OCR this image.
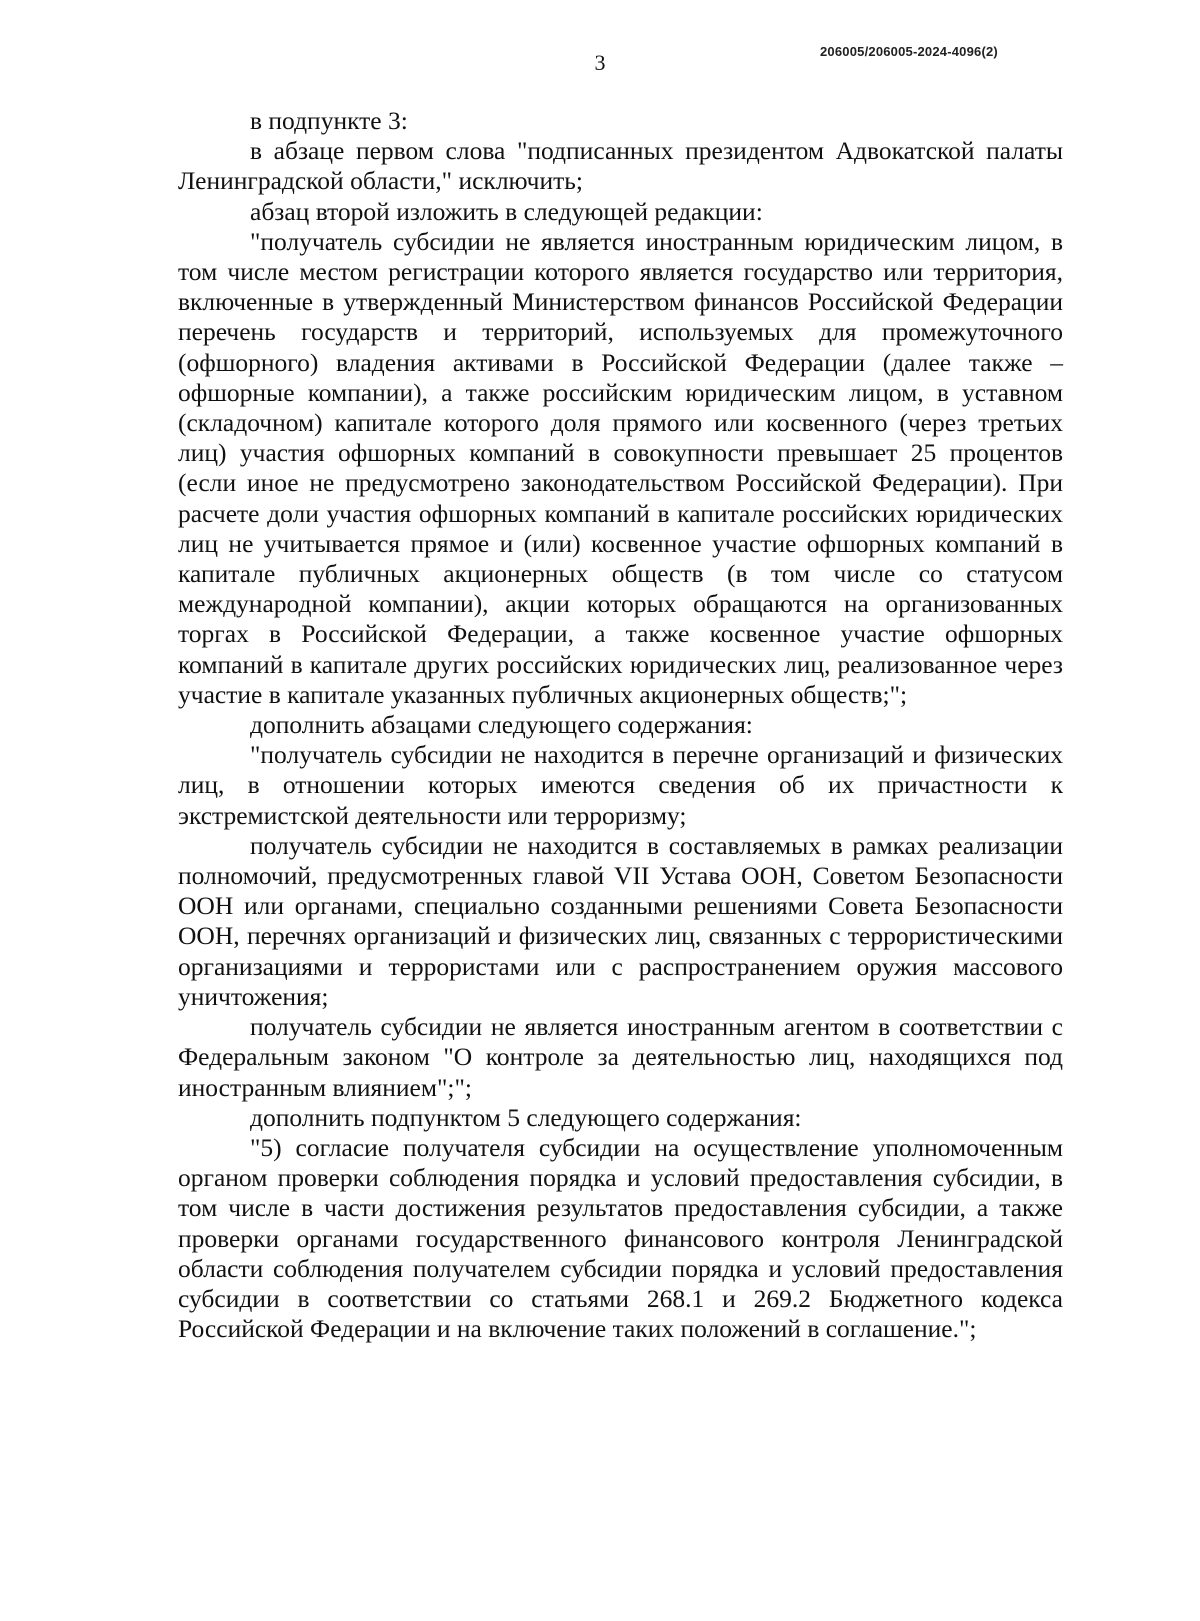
3	206005/206005-2024-4096(2)

в подпункте 3:

в абзаце первом слова "подписанных президентом Адвокатской палаты Ленинградской области," исключить;

абзац второй изложить в следующей редакции:

"получатель субсидии не является иностранным юридическим лицом, в том числе местом регистрации которого является государство или территория, включенные в утвержденный Министерством финансов Российской Федерации перечень государств и территорий, используемых для промежуточного (офшорного) владения активами в Российской Федерации (далее также – офшорные компании), а также российским юридическим лицом, в уставном (складочном) капитале которого доля прямого или косвенного (через третьих лиц) участия офшорных компаний в совокупности превышает 25 процентов (если иное не предусмотрено законодательством Российской Федерации). При расчете доли участия офшорных компаний в капитале российских юридических лиц не учитывается прямое и (или) косвенное участие офшорных компаний в капитале публичных акционерных обществ (в том числе со статусом международной компании), акции которых обращаются на организованных торгах в Российской Федерации, а также косвенное участие офшорных компаний в капитале других российских юридических лиц, реализованное через участие в капитале указанных публичных акционерных обществ;";

дополнить абзацами следующего содержания:

"получатель субсидии не находится в перечне организаций и физических лиц, в отношении которых имеются сведения об их причастности к экстремистской деятельности или терроризму;

получатель субсидии не находится в составляемых в рамках реализации полномочий, предусмотренных главой VII Устава ООН, Советом Безопасности ООН или органами, специально созданными решениями Совета Безопасности ООН, перечнях организаций и физических лиц, связанных с террористическими организациями и террористами или с распространением оружия массового уничтожения;

получатель субсидии не является иностранным агентом в соответствии с Федеральным законом "О контроле за деятельностью лиц, находящихся под иностранным влиянием";";

дополнить подпунктом 5 следующего содержания:

"5) согласие получателя субсидии на осуществление уполномоченным органом проверки соблюдения порядка и условий предоставления субсидии, в том числе в части достижения результатов предоставления субсидии, а также проверки органами государственного финансового контроля Ленинградской области соблюдения получателем субсидии порядка и условий предоставления субсидии в соответствии со статьями 268.1 и 269.2 Бюджетного кодекса Российской Федерации и на включение таких положений в соглашение.";
